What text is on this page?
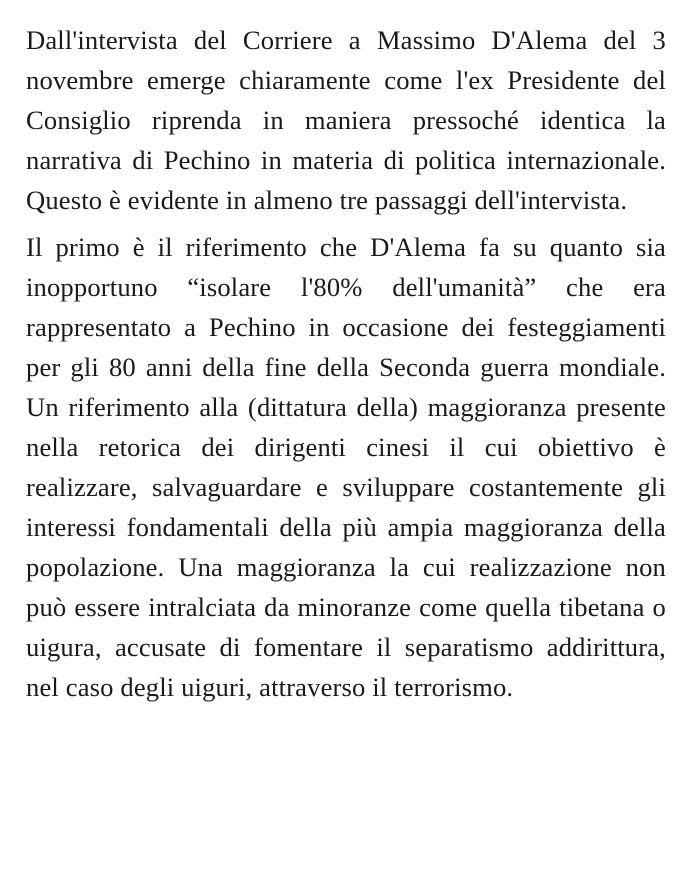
Dall'intervista del Corriere a Massimo D'Alema del 3 novembre emerge chiaramente come l'ex Presidente del Consiglio riprenda in maniera pressoché identica la narrativa di Pechino in materia di politica internazionale. Questo è evidente in almeno tre passaggi dell'intervista.

Il primo è il riferimento che D'Alema fa su quanto sia inopportuno “isolare l'80% dell'umanità” che era rappresentato a Pechino in occasione dei festeggiamenti per gli 80 anni della fine della Seconda guerra mondiale. Un riferimento alla (dittatura della) maggioranza presente nella retorica dei dirigenti cinesi il cui obiettivo è realizzare, salvaguardare e sviluppare costantemente gli interessi fondamentali della più ampia maggioranza della popolazione. Una maggioranza la cui realizzazione non può essere intralciata da minoranze come quella tibetana o uigura, accusate di fomentare il separatismo addirittura, nel caso degli uiguri, attraverso il terrorismo.
